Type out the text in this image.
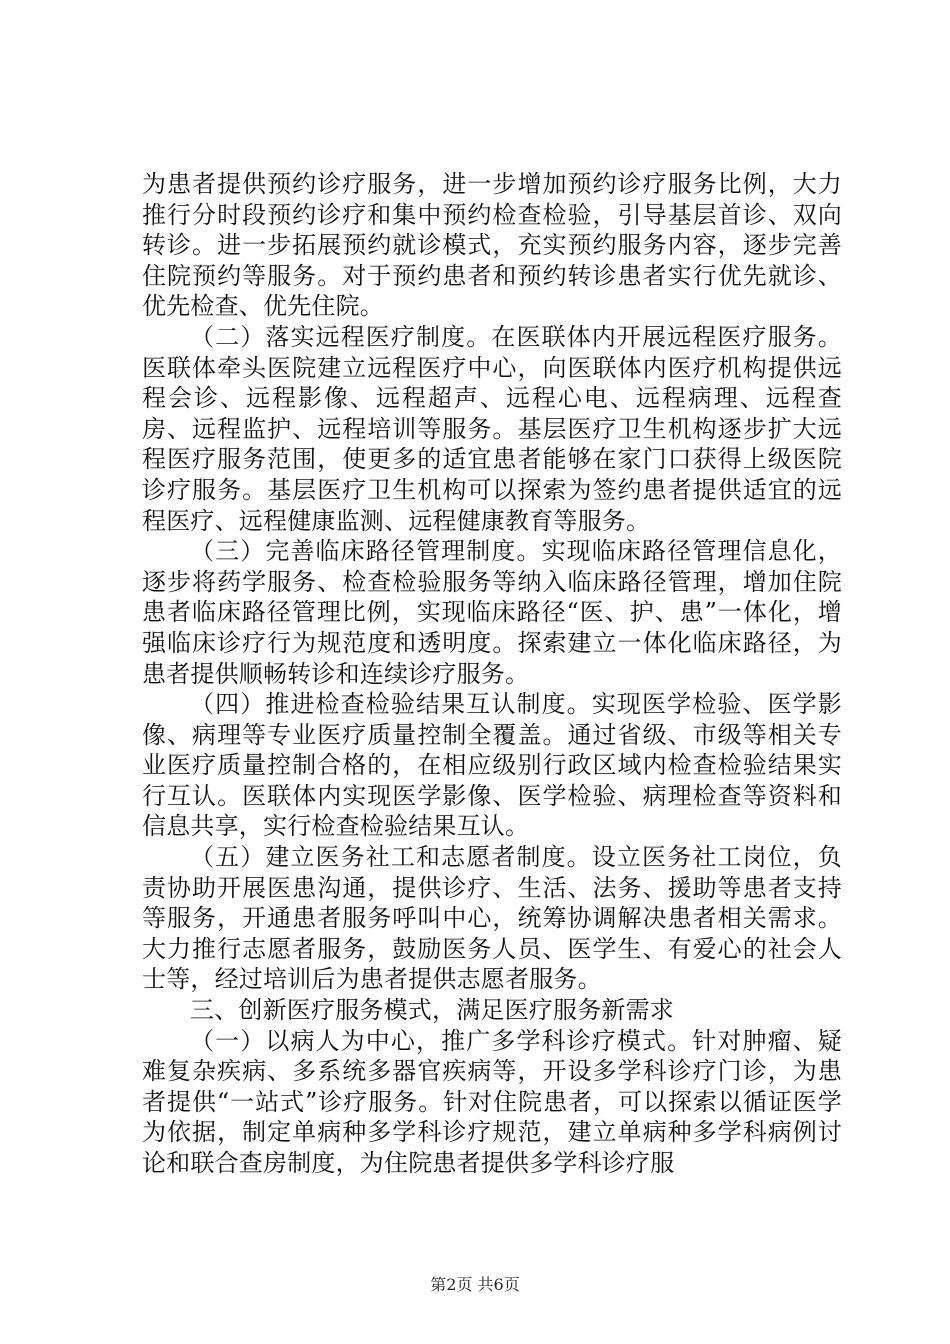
为患者提供预约诊疗服务，进一步增加预约诊疗服务比例，大力推行分时段预约诊疗和集中预约检查检验，引导基层首诊、双向转诊。进一步拓展预约就诊模式，充实预约服务内容，逐步完善住院预约等服务。对于预约患者和预约转诊患者实行优先就诊、优先检查、优先住院。

（二）落实远程医疗制度。在医联体内开展远程医疗服务。医联体牵头医院建立远程医疗中心，向医联体内医疗机构提供远程会诊、远程影像、远程超声、远程心电、远程病理、远程查房、远程监护、远程培训等服务。基层医疗卫生机构逐步扩大远程医疗服务范围，使更多的适宜患者能够在家门口获得上级医院诊疗服务。基层医疗卫生机构可以探索为签约患者提供适宜的远程医疗、远程健康监测、远程健康教育等服务。

（三）完善临床路径管理制度。实现临床路径管理信息化，逐步将药学服务、检查检验服务等纳入临床路径管理，增加住院患者临床路径管理比例，实现临床路径“医、护、患”一体化，增强临床诊疗行为规范度和透明度。探索建立一体化临床路径，为患者提供顺畅转诊和连续诊疗服务。

（四）推进检查检验结果互认制度。实现医学检验、医学影像、病理等专业医疗质量控制全覆盖。通过省级、市级等相关专业医疗质量控制合格的，在相应级别行政区域内检查检验结果实行互认。医联体内实现医学影像、医学检验、病理检查等资料和信息共享，实行检查检验结果互认。

（五）建立医务社工和志愿者制度。设立医务社工岗位，负责协助开展医患沟通，提供诊疗、生活、法务、援助等患者支持等服务，开通患者服务呼叫中心，统筹协调解决患者相关需求。大力推行志愿者服务，鼓励医务人员、医学生、有爱心的社会人士等，经过培训后为患者提供志愿者服务。

三、创新医疗服务模式，满足医疗服务新需求

（一）以病人为中心，推广多学科诊疗模式。针对肿瘤、疑难复杂疾病、多系统多器官疾病等，开设多学科诊疗门诊，为患者提供“一站式”诊疗服务。针对住院患者，可以探索以循证医学为依据，制定单病种多学科诊疗规范，建立单病种多学科病例讨论和联合查房制度，为住院患者提供多学科诊疗服

第2页 共6页
